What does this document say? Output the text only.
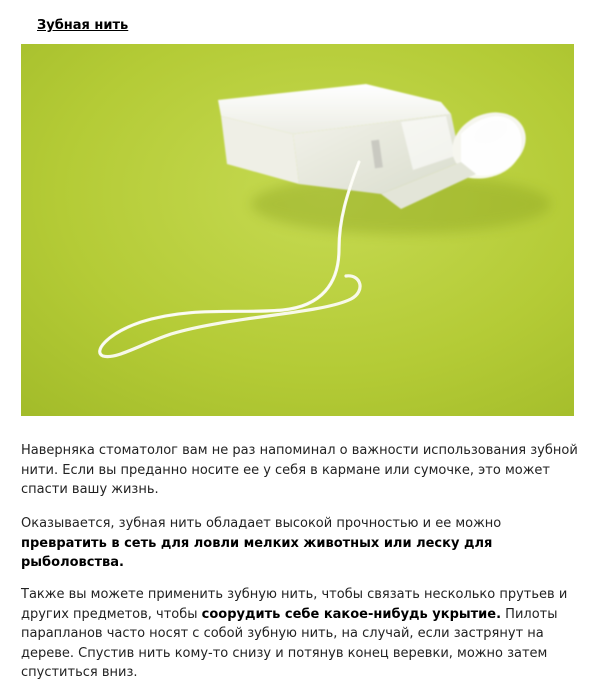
Зубная нить

Наверняка стоматолог вам не раз напоминал о важности использования зубной нити. Если вы преданно носите ее у себя в кармане или сумочке, это может спасти вашу жизнь.

Оказывается, зубная нить обладает высокой прочностью и ее можно превратить в сеть для ловли мелких животных или леску для рыболовства.

Также вы можете применить зубную нить, чтобы связать несколько прутьев и других предметов, чтобы соорудить себе какое-нибудь укрытие. Пилоты парапланов часто носят с собой зубную нить, на случай, если застрянут на дереве. Спустив нить кому-то снизу и потянув конец веревки, можно затем спуститься вниз.
